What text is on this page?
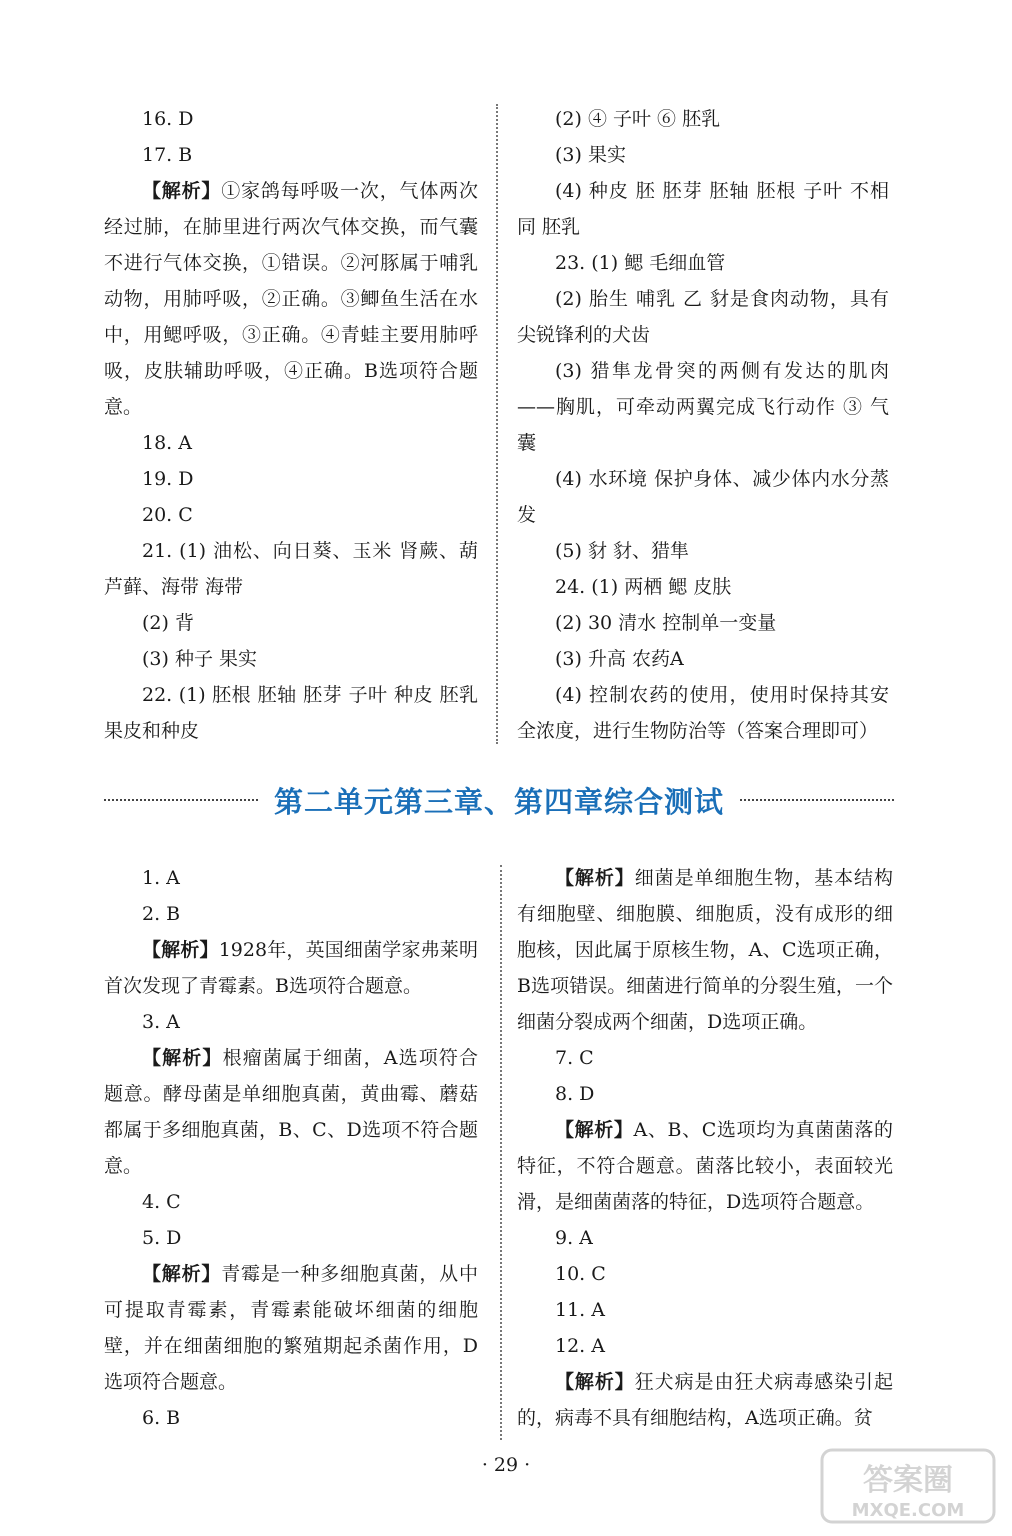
16. D

17. B

【解析】①家鸽每呼吸一次，气体两次经过肺，在肺里进行两次气体交换，而气囊不进行气体交换，①错误。②河豚属于哺乳动物，用肺呼吸，②正确。③鲫鱼生活在水中，用鳃呼吸，③正确。④青蛙主要用肺呼吸，皮肤辅助呼吸，④正确。B选项符合题意。

18. A

19. D

20. C

21. (1) 油松、向日葵、玉米 肾蕨、葫芦藓、海带 海带

(2) 背

(3) 种子 果实

22. (1) 胚根 胚轴 胚芽 子叶 种皮 胚乳 果皮和种皮

(2) ④ 子叶 ⑥ 胚乳

(3) 果实

(4) 种皮 胚 胚芽 胚轴 胚根 子叶 不相同 胚乳

23. (1) 鳃 毛细血管

(2) 胎生 哺乳 乙 豺是食肉动物，具有尖锐锋利的犬齿

(3) 猎隼龙骨突的两侧有发达的肌肉——胸肌，可牵动两翼完成飞行动作 ③ 气囊

(4) 水环境 保护身体、减少体内水分蒸发

(5) 豺 豺、猎隼

24. (1) 两栖 鳃 皮肤

(2) 30 清水 控制单一变量

(3) 升高 农药A

(4) 控制农药的使用，使用时保持其安全浓度，进行生物防治等（答案合理即可）

第二单元第三章、第四章综合测试

1. A

2. B

【解析】1928年，英国细菌学家弗莱明首次发现了青霉素。B选项符合题意。

3. A

【解析】根瘤菌属于细菌，A选项符合题意。酵母菌是单细胞真菌，黄曲霉、蘑菇都属于多细胞真菌，B、C、D选项不符合题意。

4. C

5. D

【解析】青霉是一种多细胞真菌，从中可提取青霉素，青霉素能破坏细菌的细胞壁，并在细菌细胞的繁殖期起杀菌作用，D选项符合题意。

6. B

【解析】细菌是单细胞生物，基本结构有细胞壁、细胞膜、细胞质，没有成形的细胞核，因此属于原核生物，A、C选项正确，B选项错误。细菌进行简单的分裂生殖，一个细菌分裂成两个细菌，D选项正确。

7. C

8. D

【解析】A、B、C选项均为真菌菌落的特征，不符合题意。菌落比较小，表面较光滑，是细菌菌落的特征，D选项符合题意。

9. A

10. C

11. A

12. A

【解析】狂犬病是由狂犬病毒感染引起的，病毒不具有细胞结构，A选项正确。贫

· 29 ·	答案圈
MXQE.COM
